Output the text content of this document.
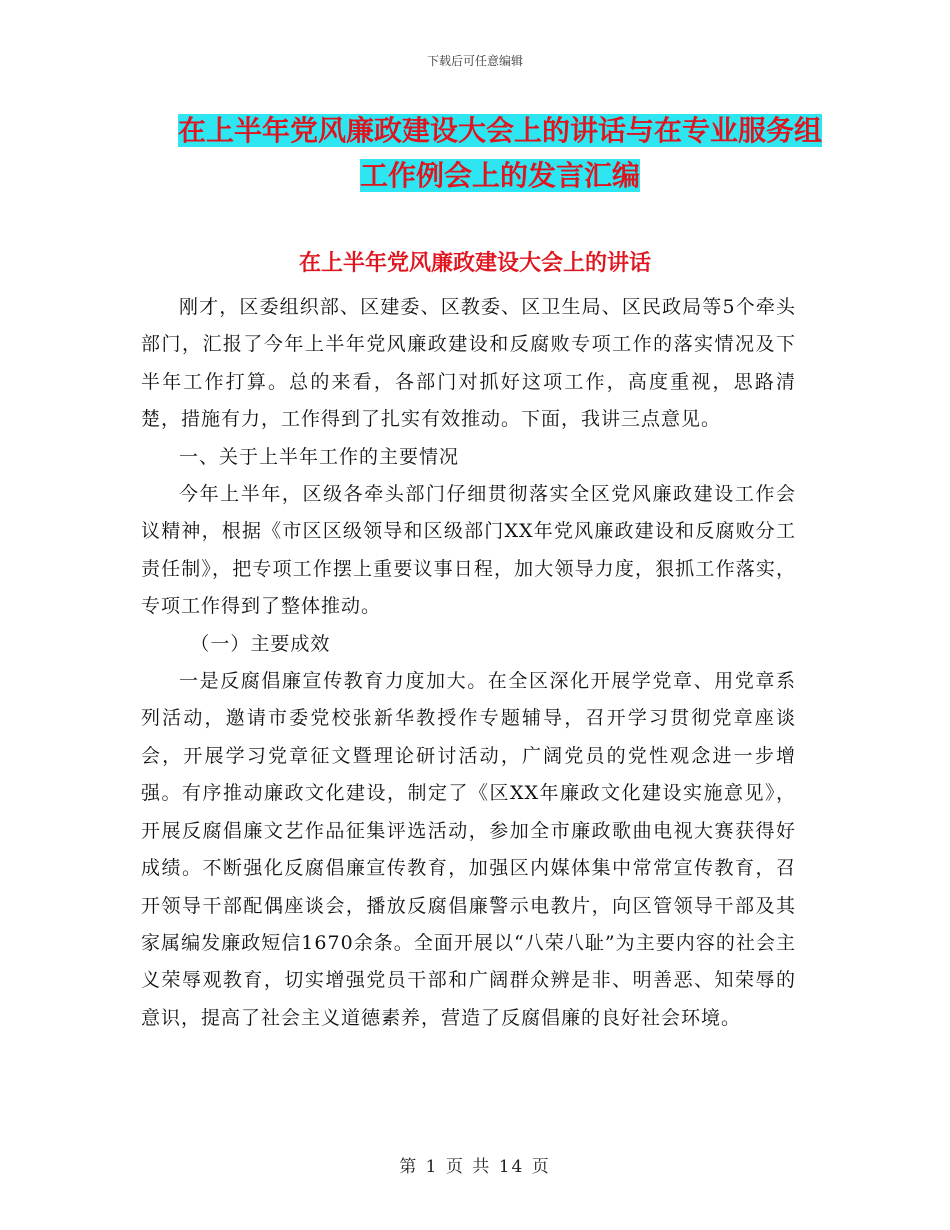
下载后可任意编辑
在上半年党风廉政建设大会上的讲话与在专业服务组
工作例会上的发言汇编
在上半年党风廉政建设大会上的讲话

刚才，区委组织部、区建委、区教委、区卫生局、区民政局等5个牵头部门，汇报了今年上半年党风廉政建设和反腐败专项工作的落实情况及下半年工作打算。总的来看，各部门对抓好这项工作，高度重视，思路清楚，措施有力，工作得到了扎实有效推动。下面，我讲三点意见。

一、关于上半年工作的主要情况

今年上半年，区级各牵头部门仔细贯彻落实全区党风廉政建设工作会议精神，根据《市区区级领导和区级部门XX年党风廉政建设和反腐败分工责任制》，把专项工作摆上重要议事日程，加大领导力度，狠抓工作落实，专项工作得到了整体推动。

（一）主要成效

一是反腐倡廉宣传教育力度加大。在全区深化开展学党章、用党章系列活动，邀请市委党校张新华教授作专题辅导，召开学习贯彻党章座谈会，开展学习党章征文暨理论研讨活动，广阔党员的党性观念进一步增强。有序推动廉政文化建设，制定了《区XX年廉政文化建设实施意见》，开展反腐倡廉文艺作品征集评选活动，参加全市廉政歌曲电视大赛获得好成绩。不断强化反腐倡廉宣传教育，加强区内媒体集中常常宣传教育，召开领导干部配偶座谈会，播放反腐倡廉警示电教片，向区管领导干部及其家属编发廉政短信1670余条。全面开展以“八荣八耻”为主要内容的社会主义荣辱观教育，切实增强党员干部和广阔群众辨是非、明善恶、知荣辱的意识，提高了社会主义道德素养，营造了反腐倡廉的良好社会环境。

第 1 页 共 14 页
